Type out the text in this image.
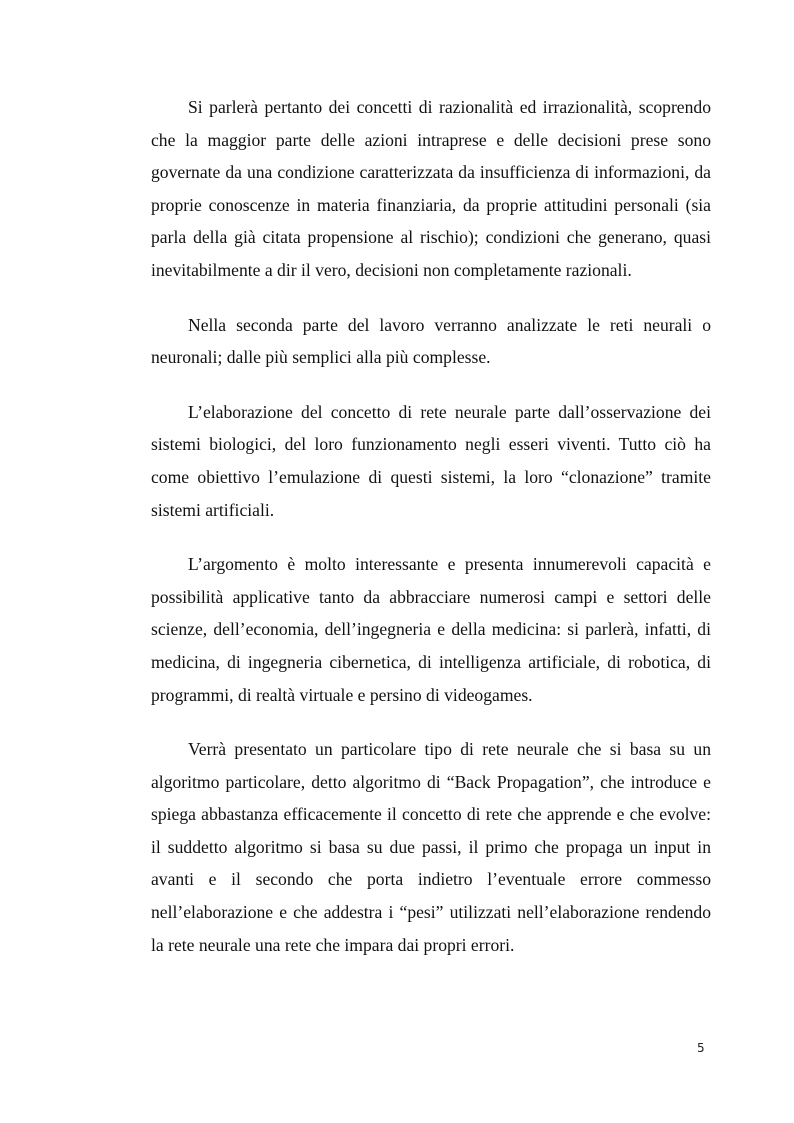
Si parlerà pertanto dei concetti di razionalità ed irrazionalità, scoprendo che la maggior parte delle azioni intraprese e delle decisioni prese sono governate da una condizione caratterizzata da insufficienza di informazioni, da proprie conoscenze in materia finanziaria, da proprie attitudini personali (sia parla della già citata propensione al rischio); condizioni che generano, quasi inevitabilmente a dir il vero, decisioni non completamente razionali.

Nella seconda parte del lavoro verranno analizzate le reti neurali o neuronali; dalle più semplici alla più complesse.

L’elaborazione del concetto di rete neurale parte dall’osservazione dei sistemi biologici, del loro funzionamento negli esseri viventi. Tutto ciò ha come obiettivo l’emulazione di questi sistemi, la loro “clonazione” tramite sistemi artificiali.

L’argomento è molto interessante e presenta innumerevoli capacità e possibilità applicative tanto da abbracciare numerosi campi e settori delle scienze, dell’economia, dell’ingegneria e della medicina: si parlerà, infatti, di medicina, di ingegneria cibernetica, di intelligenza artificiale, di robotica, di programmi, di realtà virtuale e persino di videogames.

Verrà presentato un particolare tipo di rete neurale che si basa su un algoritmo particolare, detto algoritmo di “Back Propagation”, che introduce e spiega abbastanza efficacemente il concetto di rete che apprende e che evolve: il suddetto algoritmo si basa su due passi, il primo che propaga un input in avanti e il secondo che porta indietro l’eventuale errore commesso nell’elaborazione e che addestra i “pesi” utilizzati nell’elaborazione rendendo la rete neurale una rete che impara dai propri errori.

5
